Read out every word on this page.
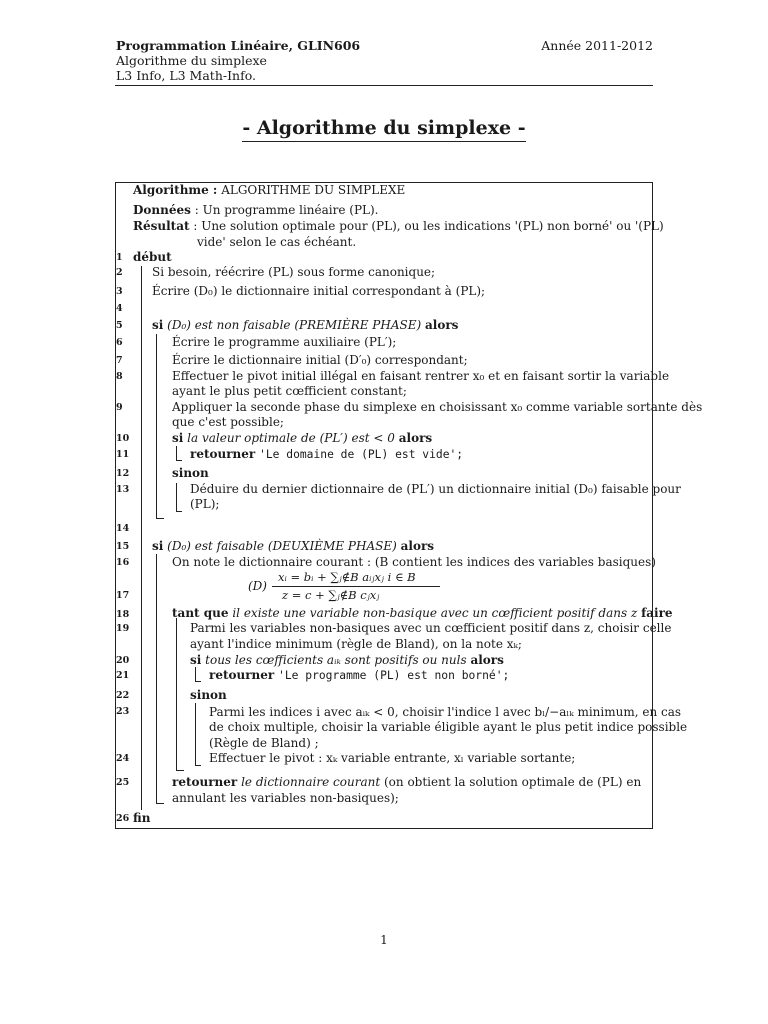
Programmation Linéaire, GLIN606
Algorithme du simplexe
L3 Info, L3 Math-Info.
Année 2011-2012
- Algorithme du simplexe -
Algorithme : ALGORITHME DU SIMPLEXE
Données : Un programme linéaire (PL).
Résultat : Une solution optimale pour (PL), ou les indications '(PL) non borné' ou '(PL)
vide' selon le cas échéant.
1
2
3
4
5
6
7
8
9
10
11
12
13
14
15
16
17
18
19
20
21
22
23
24
25
26
début
Si besoin, réécrire (PL) sous forme canonique;
Écrire (D₀) le dictionnaire initial correspondant à (PL);
si (D₀) est non faisable (PREMIÈRE PHASE) alors
Écrire le programme auxiliaire (PL′);
Écrire le dictionnaire initial (D′₀) correspondant;
Effectuer le pivot initial illégal en faisant rentrer x₀ et en faisant sortir la variable
ayant le plus petit cœfficient constant;
Appliquer la seconde phase du simplexe en choisissant x₀ comme variable sortante dès
que c'est possible;
si la valeur optimale de (PL′) est < 0 alors
retourner 'Le domaine de (PL) est vide';
sinon
Déduire du dernier dictionnaire de (PL′) un dictionnaire initial (D₀) faisable pour
(PL);
si (D₀) est faisable (DEUXIÈME PHASE) alors
On note le dictionnaire courant : (B contient les indices des variables basiques)
(D)
xᵢ = bᵢ + ∑ⱼ∉B aᵢⱼxⱼ i ∈ B
z = c + ∑ⱼ∉B cⱼxⱼ
tant que il existe une variable non-basique avec un cœfficient positif dans z faire
Parmi les variables non-basiques avec un cœfficient positif dans z, choisir celle
ayant l'indice minimum (règle de Bland), on la note xₖ;
si tous les cœfficients aᵢₖ sont positifs ou nuls alors
retourner 'Le programme (PL) est non borné';
sinon
Parmi les indices i avec aᵢₖ < 0, choisir l'indice l avec bₗ/−aₗₖ minimum, en cas
de choix multiple, choisir la variable éligible ayant le plus petit indice possible
(Règle de Bland) ;
Effectuer le pivot : xₖ variable entrante, xₗ variable sortante;
retourner le dictionnaire courant (on obtient la solution optimale de (PL) en
annulant les variables non-basiques);
fin
1
